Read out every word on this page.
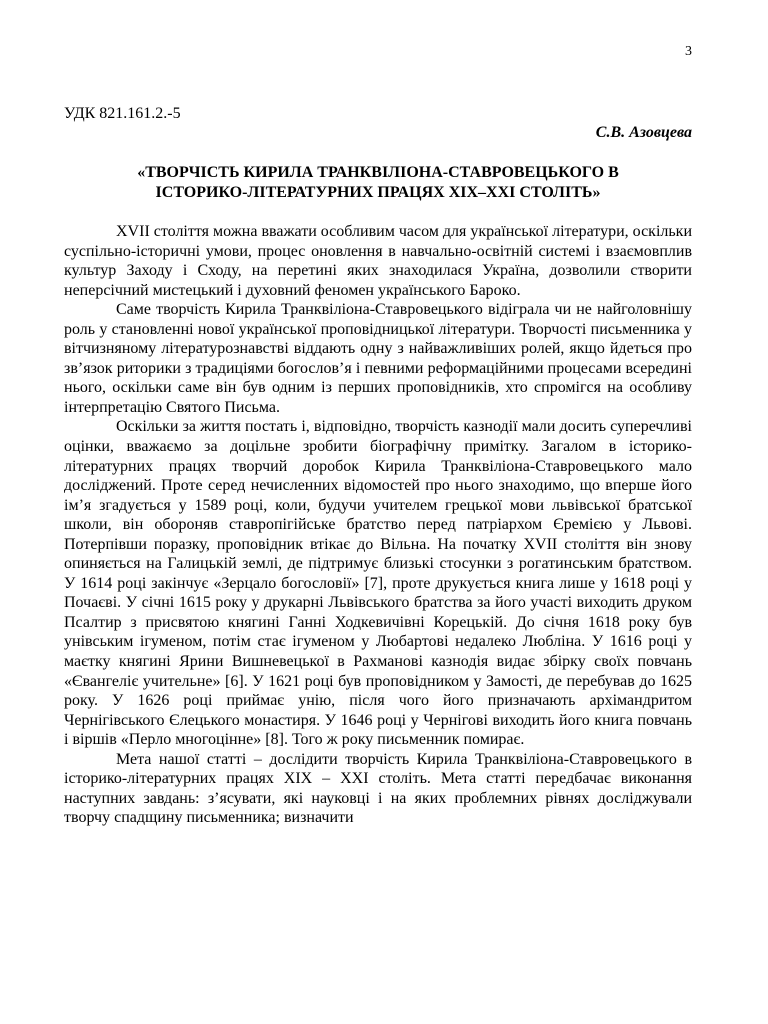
3
УДК 821.161.2.-5
С.В. Азовцева
«ТВОРЧІСТЬ КИРИЛА ТРАНКВІЛІОНА-СТАВРОВЕЦЬКОГО В
ІСТОРИКО-ЛІТЕРАТУРНИХ ПРАЦЯХ XIX–XXI СТОЛІТЬ»

XVII століття можна вважати особливим часом для української літератури, оскільки суспільно-історичні умови, процес оновлення в навчально-освітній системі і взаємовплив культур Заходу і Сходу, на перетині яких знаходилася Україна, дозволили створити неперсічний мистецький і духовний феномен українського Бароко.

Саме творчість Кирила Транквіліона-Ставровецького відіграла чи не найголовнішу роль у становленні нової української проповідницької літератури. Творчості письменника у вітчизняному літературознавстві віддають одну з найважливіших ролей, якщо йдеться про зв’язок риторики з традиціями богослов’я і певними реформаційними процесами всередині нього, оскільки саме він був одним із перших проповідників, хто спромігся на особливу інтерпретацію Святого Письма.

Оскільки за життя постать і, відповідно, творчість казнодії мали досить суперечливі оцінки, вважаємо за доцільне зробити біографічну примітку. Загалом в історико-літературних працях творчий доробок Кирила Транквіліона-Ставровецького мало досліджений. Проте серед нечисленних відомостей про нього знаходимо, що вперше його ім’я згадується у 1589 році, коли, будучи учителем грецької мови львівської братської школи, він обороняв ставропігійське братство перед патріархом Єремією у Львові. Потерпівши поразку, проповідник втікає до Вільна. На початку XVII століття він знову опиняється на Галицькій землі, де підтримує близькі стосунки з рогатинським братством. У 1614 році закінчує «Зерцало богословії» [7], проте друкується книга лише у 1618 році у Почаєві. У січні 1615 року у друкарні Львівського братства за його участі виходить друком Псалтир з присвятою княгині Ганні Ходкевичівні Корецькій. До січня 1618 року був унівським ігуменом, потім стає ігуменом у Любартові недалеко Любліна. У 1616 році у маєтку княгині Ярини Вишневецької в Рахманові казнодія видає збірку своїх повчань «Євангеліє учительне» [6]. У 1621 році був проповідником у Замості, де перебував до 1625 року. У 1626 році приймає унію, після чого його призначають архімандритом Чернігівського Єлецького монастиря. У 1646 році у Чернігові виходить його книга повчань і віршів «Перло многоцінне» [8]. Того ж року письменник помирає.

Мета нашої статті – дослідити творчість Кирила Транквіліона-Ставровецького в історико-літературних працях XIX – XXI століть. Мета статті передбачає виконання наступних завдань: з’ясувати, які науковці і на яких проблемних рівнях досліджували творчу спадщину письменника; визначити
